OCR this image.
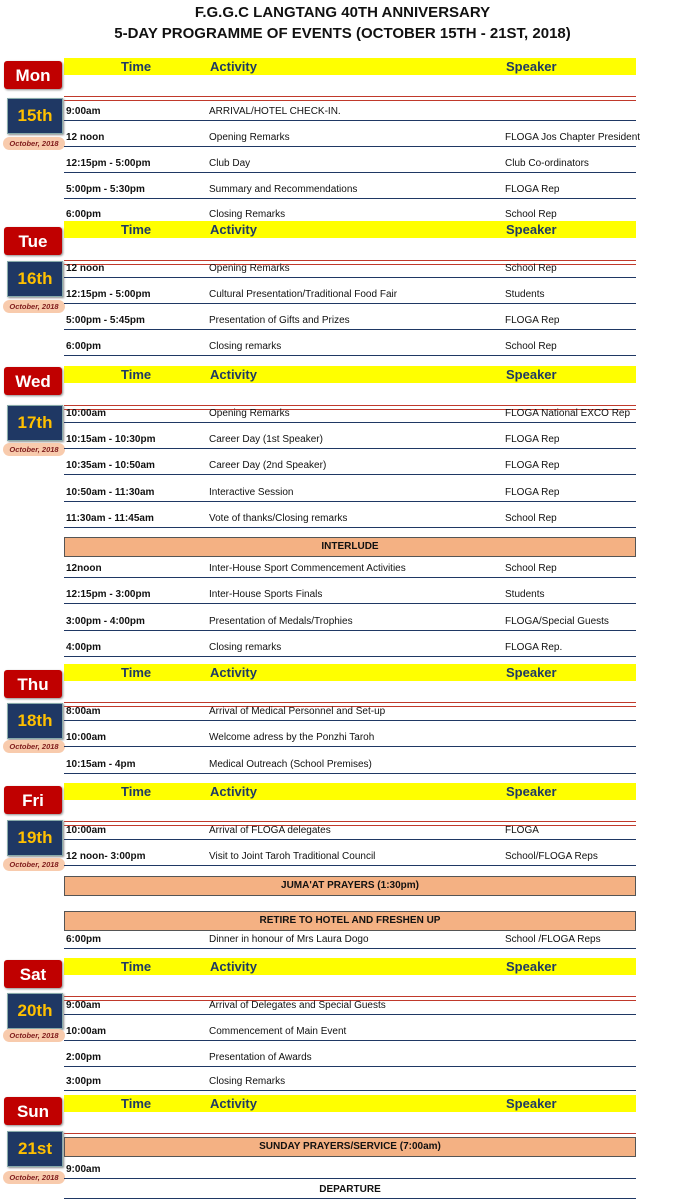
F.G.G.C LANGTANG 40TH ANNIVERSARY
5-DAY PROGRAMME OF EVENTS (OCTOBER 15TH - 21ST, 2018)
Time	Activity	Speaker
Mon
15th
October, 2018
9:00am	ARRIVAL/HOTEL CHECK-IN.
12 noon	Opening Remarks	FLOGA Jos Chapter President
12:15pm - 5:00pm	Club Day	Club Co-ordinators
5:00pm - 5:30pm	Summary and Recommendations	FLOGA Rep
6:00pm	Closing Remarks	School Rep
Time	Activity	Speaker
Tue
16th
October, 2018
12 noon	Opening Remarks	School Rep
12:15pm - 5:00pm	Cultural Presentation/Traditional Food Fair	Students
5:00pm - 5:45pm	Presentation of Gifts and Prizes	FLOGA Rep
6:00pm	Closing remarks	School Rep
Time	Activity	Speaker
Wed
17th
October, 2018
10:00am	Opening Remarks	FLOGA National EXCO Rep
10:15am - 10:30pm	Career Day (1st Speaker)	FLOGA Rep
10:35am - 10:50am	Career Day (2nd Speaker)	FLOGA Rep
10:50am - 11:30am	Interactive Session	FLOGA Rep
11:30am - 11:45am	Vote of thanks/Closing remarks	School Rep
INTERLUDE
12noon	Inter-House Sport Commencement Activities	School Rep
12:15pm - 3:00pm	Inter-House Sports Finals	Students
3:00pm - 4:00pm	Presentation of Medals/Trophies	FLOGA/Special Guests
4:00pm	Closing remarks	FLOGA Rep.
Time	Activity	Speaker
Thu
18th
October, 2018
8:00am	Arrival of Medical Personnel and Set-up
10:00am	Welcome adress by the Ponzhi Taroh
10:15am - 4pm	Medical Outreach (School Premises)
Time	Activity	Speaker
Fri
19th
October, 2018
10:00am	Arrival of FLOGA delegates	FLOGA
12 noon- 3:00pm	Visit to Joint Taroh Traditional Council	School/FLOGA Reps
JUMA'AT PRAYERS (1:30pm)
RETIRE TO HOTEL AND FRESHEN UP
6:00pm	Dinner in honour of Mrs Laura Dogo	School /FLOGA Reps
Time	Activity	Speaker
Sat
20th
October, 2018
9:00am	Arrival of Delegates and Special Guests
10:00am	Commencement of Main Event
2:00pm	Presentation of Awards
3:00pm	Closing Remarks
Time	Activity	Speaker
Sun
21st
October, 2018
SUNDAY PRAYERS/SERVICE (7:00am)
9:00am
DEPARTURE
